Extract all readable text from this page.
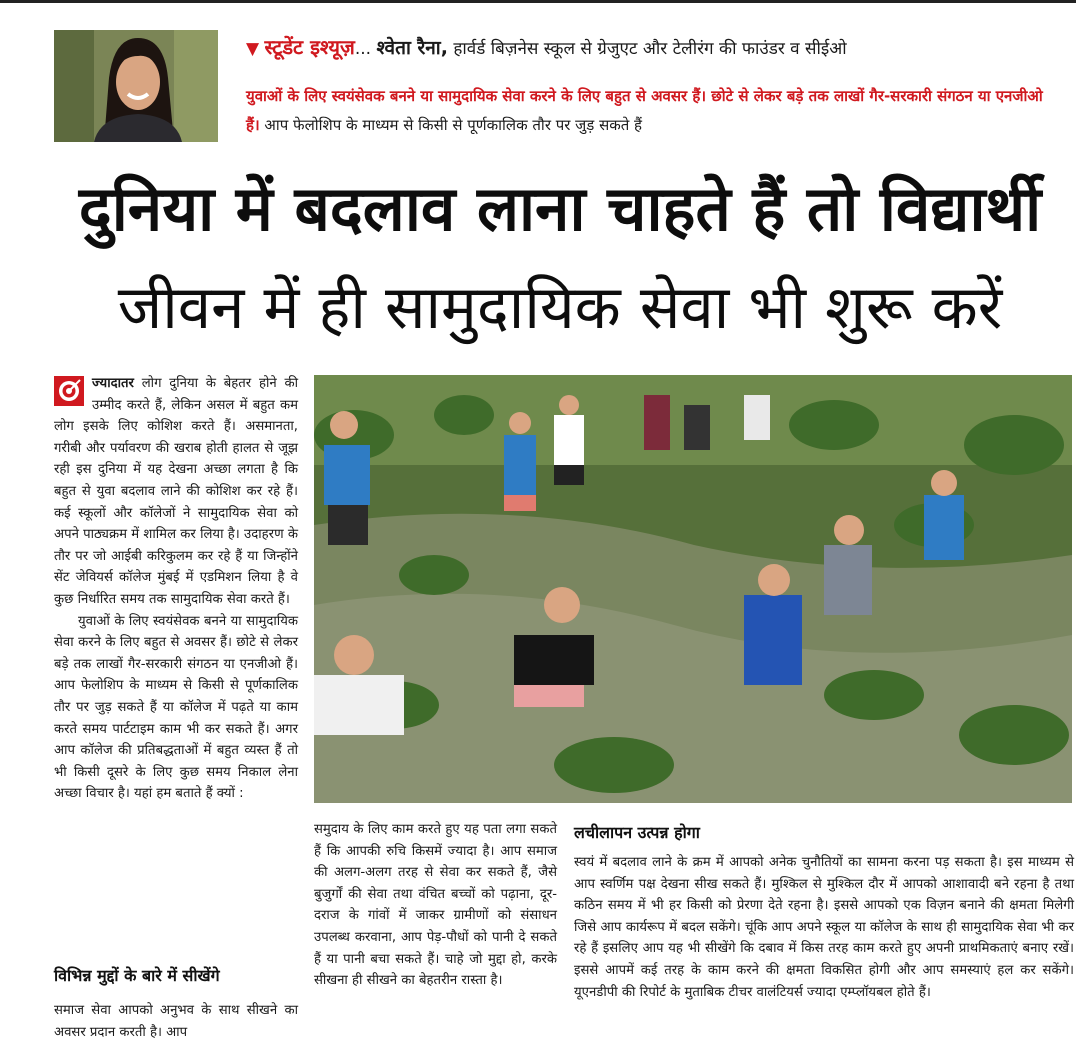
▼ स्टूडेंट इश्यूज़... श्वेता रैना, हार्वर्ड बिज़नेस स्कूल से ग्रेजुएट और टेलीरंग की फाउंडर व सीईओ
युवाओं के लिए स्वयंसेवक बनने या सामुदायिक सेवा करने के लिए बहुत से अवसर हैं। छोटे से लेकर बड़े तक लाखों गैर-सरकारी संगठन या एनजीओ हैं। आप फेलोशिप के माध्यम से किसी से पूर्णकालिक तौर पर जुड़ सकते हैं
दुनिया में बदलाव लाना चाहते हैं तो विद्यार्थी
जीवन में ही सामुदायिक सेवा भी शुरू करें
ज्यादातर लोग दुनिया के बेहतर होने की उम्मीद करते हैं, लेकिन असल में बहुत कम लोग इसके लिए कोशिश करते हैं। असमानता, गरीबी और पर्यावरण की खराब होती हालत से जूझ रही इस दुनिया में यह देखना अच्छा लगता है कि बहुत से युवा बदलाव लाने की कोशिश कर रहे हैं। कई स्कूलों और कॉलेजों ने सामुदायिक सेवा को अपने पाठ्यक्रम में शामिल कर लिया है। उदाहरण के तौर पर जो आईबी करिकुलम कर रहे हैं या जिन्होंने सेंट जेवियर्स कॉलेज मुंबई में एडमिशन लिया है वे कुछ निर्धारित समय तक सामुदायिक सेवा करते हैं।
युवाओं के लिए स्वयंसेवक बनने या सामुदायिक सेवा करने के लिए बहुत से अवसर हैं। छोटे से लेकर बड़े तक लाखों गैर-सरकारी संगठन या एनजीओ हैं। आप फेलोशिप के माध्यम से किसी से पूर्णकालिक तौर पर जुड़ सकते हैं या कॉलेज में पढ़ते या काम करते समय पार्टटाइम काम भी कर सकते हैं। अगर आप कॉलेज की प्रतिबद्धताओं में बहुत व्यस्त हैं तो भी किसी दूसरे के लिए कुछ समय निकाल लेना अच्छा विचार है। यहां हम बताते हैं क्यों :
विभिन्न मुद्दों के बारे में सीखेंगे
समाज सेवा आपको अनुभव के साथ सीखने का अवसर प्रदान करती है। आप
समुदाय के लिए काम करते हुए यह पता लगा सकते हैं कि आपकी रुचि किसमें ज्यादा है। आप समाज की अलग-अलग तरह से सेवा कर सकते हैं, जैसे बुजुर्गों की सेवा तथा वंचित बच्चों को पढ़ाना, दूर-दराज के गांवों में जाकर ग्रामीणों को संसाधन उपलब्ध करवाना, आप पेड़-पौधों को पानी दे सकते हैं या पानी बचा सकते हैं। चाहे जो मुद्दा हो, करके सीखना ही सीखने का बेहतरीन रास्ता है।
लचीलापन उत्पन्न होगा
स्वयं में बदलाव लाने के क्रम में आपको अनेक चुनौतियों का सामना करना पड़ सकता है। इस माध्यम से आप स्वर्णिम पक्ष देखना सीख सकते हैं। मुश्किल से मुश्किल दौर में आपको आशावादी बने रहना है तथा कठिन समय में भी हर किसी को प्रेरणा देते रहना है। इससे आपको एक विज़न बनाने की क्षमता मिलेगी जिसे आप कार्यरूप में बदल सकेंगे। चूंकि आप अपने स्कूल या कॉलेज के साथ ही सामुदायिक सेवा भी कर रहे हैं इसलिए आप यह भी सीखेंगे कि दबाव में किस तरह काम करते हुए अपनी प्राथमिकताएं बनाए रखें। इससे आपमें कई तरह के काम करने की क्षमता विकसित होगी और आप समस्याएं हल कर सकेंगे। यूएनडीपी की रिपोर्ट के मुताबिक टीचर वालंटियर्स ज्यादा एम्प्लॉयबल होते हैं।
